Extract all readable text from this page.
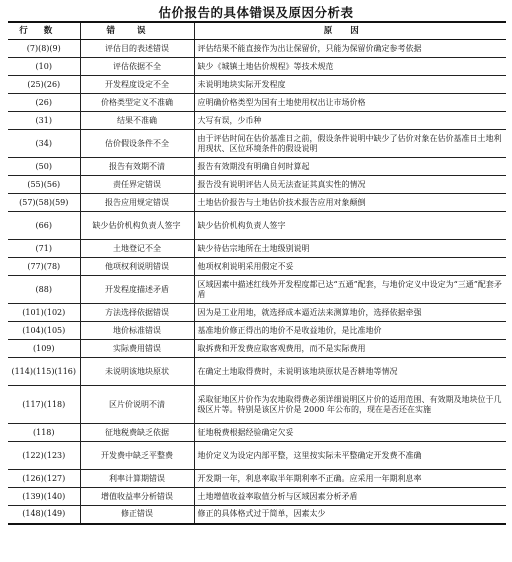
估价报告的具体错误及原因分析表
行数	错误	原因
(7)(8)(9)	评估目的表述错误	评估结果不能直接作为出让保留价，只能为保留价确定参考依据
(10)	评估依据不全	缺少《城镇土地估价规程》等技术规范
(25)(26)	开发程度设定不全	未说明地块实际开发程度
(26)	价格类型定义不准确	应明确价格类型为国有土地使用权出让市场价格
(31)	结果不准确	大写有误，少币种
(34)	估价假设条件不全	由于评估时间在估价基准日之前，假设条件说明中缺少了估价对象在估价基准日土地利用现状、区位环境条件的假设说明
(50)	报告有效期不清	报告有效期没有明确自何时算起
(55)(56)	责任界定错误	报告没有说明评估人员无法查证其真实性的情况
(57)(58)(59)	报告应用规定错误	土地估价报告与土地估价技术报告应用对象颠倒
(66)	缺少估价机构负责人签字	缺少估价机构负责人签字
(71)	土地登记不全	缺少待估宗地所在土地级别说明
(77)(78)	他项权利说明错误	他项权利说明采用假定不妥
(88)	开发程度描述矛盾	区域因素中描述红线外开发程度都已达“五通”配套，与地价定义中设定为“三通”配套矛盾
(101)(102)	方法选择依据错误	因为是工业用地，就选择成本逼近法来测算地价，选择依据牵强
(104)(105)	地价标准错误	基准地价修正得出的地价不是收益地价，是比准地价
(109)	实际费用错误	取拆费和开发费应取客观费用，而不是实际费用
(114)(115)(116)	未说明该地块原状	在确定土地取得费时，未说明该地块原状是否耕地等情况
(117)(118)	区片价说明不清	采取征地区片价作为农地取得费必须详细说明区片价的适用范围、有效期及地块位于几级区片等。特别是该区片价是 2000 年公布的，现在是否还在实施
(118)	征地税费缺乏依据	征地税费根据经验确定欠妥
(122)(123)	开发费中缺乏平整费	地价定义为设定内部平整，这里按实际未平整确定开发费不准确
(126)(127)	利率计算期错误	开发期一年，利息率取半年期利率不正确。应采用一年期利息率
(139)(140)	增值收益率分析错误	土地增值收益率取值分析与区域因素分析矛盾
(148)(149)	修正错误	修正的具体格式过于简单，因素太少
